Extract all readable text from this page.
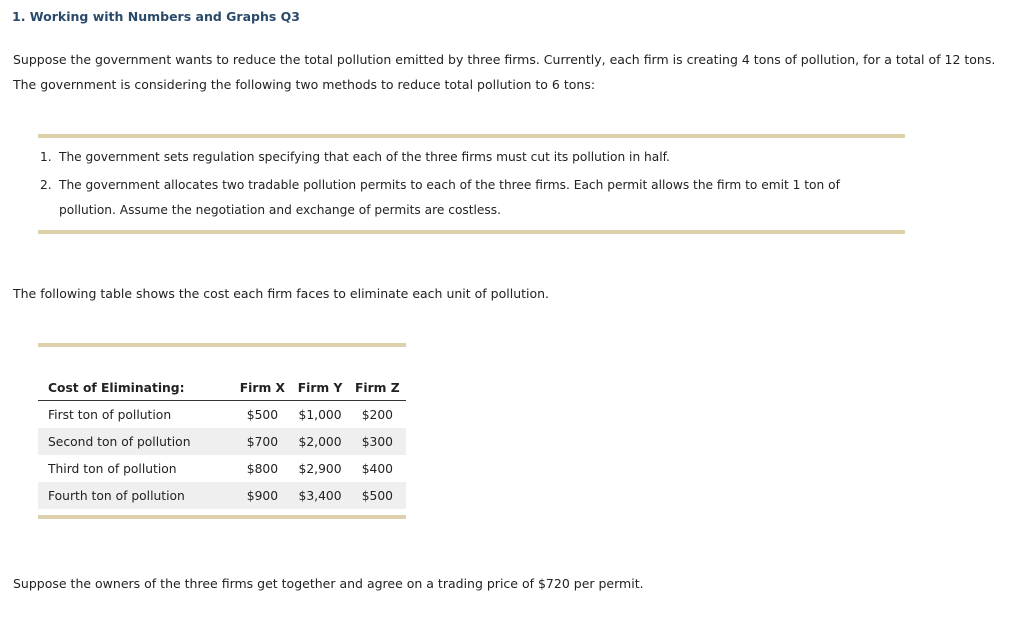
1. Working with Numbers and Graphs Q3
Suppose the government wants to reduce the total pollution emitted by three firms. Currently, each firm is creating 4 tons of pollution, for a total of 12 tons. The government is considering the following two methods to reduce total pollution to 6 tons:
1. The government sets regulation specifying that each of the three firms must cut its pollution in half.
2. The government allocates two tradable pollution permits to each of the three firms. Each permit allows the firm to emit 1 ton of pollution. Assume the negotiation and exchange of permits are costless.
The following table shows the cost each firm faces to eliminate each unit of pollution.
Cost of Eliminating:	Firm X	Firm Y	Firm Z
First ton of pollution	$500	$1,000	$200
Second ton of pollution	$700	$2,000	$300
Third ton of pollution	$800	$2,900	$400
Fourth ton of pollution	$900	$3,400	$500
Suppose the owners of the three firms get together and agree on a trading price of $720 per permit.
